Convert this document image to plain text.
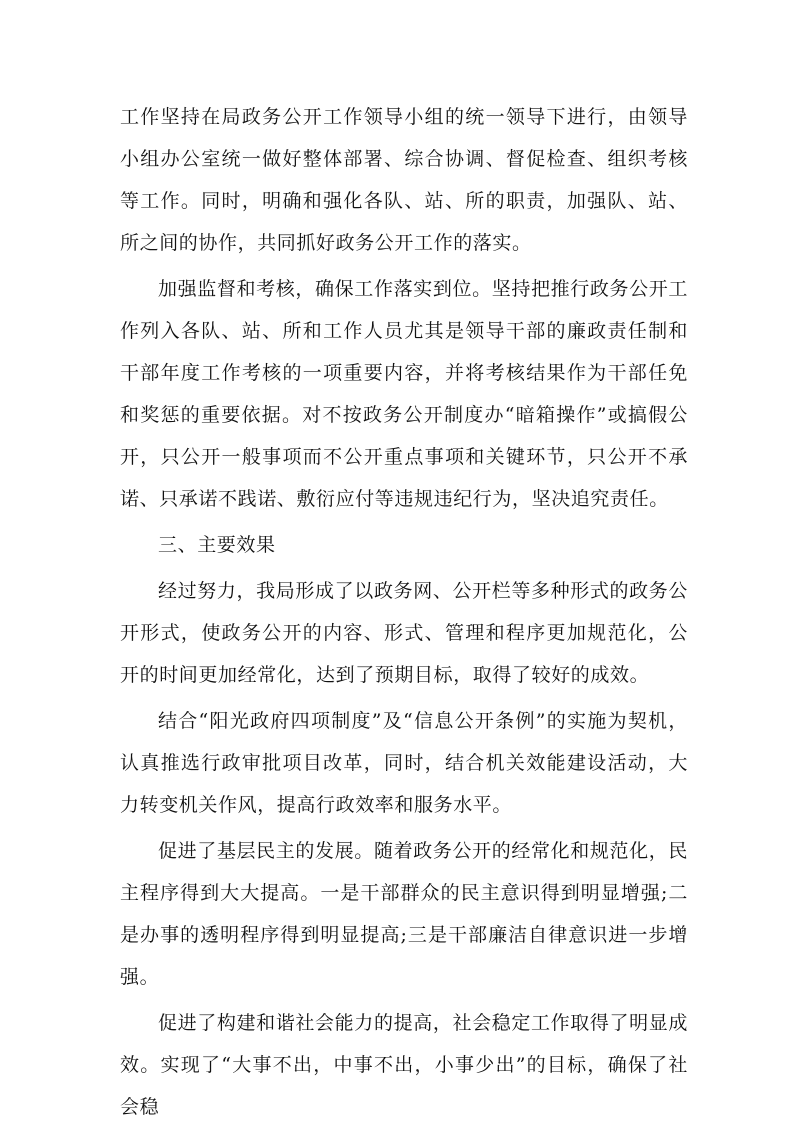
工作坚持在局政务公开工作领导小组的统一领导下进行，由领导小组办公室统一做好整体部署、综合协调、督促检查、组织考核等工作。同时，明确和强化各队、站、所的职责，加强队、站、所之间的协作，共同抓好政务公开工作的落实。

加强监督和考核，确保工作落实到位。坚持把推行政务公开工作列入各队、站、所和工作人员尤其是领导干部的廉政责任制和干部年度工作考核的一项重要内容，并将考核结果作为干部任免和奖惩的重要依据。对不按政务公开制度办“暗箱操作”或搞假公开，只公开一般事项而不公开重点事项和关键环节，只公开不承诺、只承诺不践诺、敷衍应付等违规违纪行为，坚决追究责任。

三、主要效果

经过努力，我局形成了以政务网、公开栏等多种形式的政务公开形式，使政务公开的内容、形式、管理和程序更加规范化，公开的时间更加经常化，达到了预期目标，取得了较好的成效。

结合“阳光政府四项制度”及“信息公开条例”的实施为契机，认真推选行政审批项目改革，同时，结合机关效能建设活动，大力转变机关作风，提高行政效率和服务水平。

促进了基层民主的发展。随着政务公开的经常化和规范化，民主程序得到大大提高。一是干部群众的民主意识得到明显增强;二是办事的透明程序得到明显提高;三是干部廉洁自律意识进一步增强。

促进了构建和谐社会能力的提高，社会稳定工作取得了明显成效。实现了“大事不出，中事不出，小事少出”的目标，确保了社会稳
